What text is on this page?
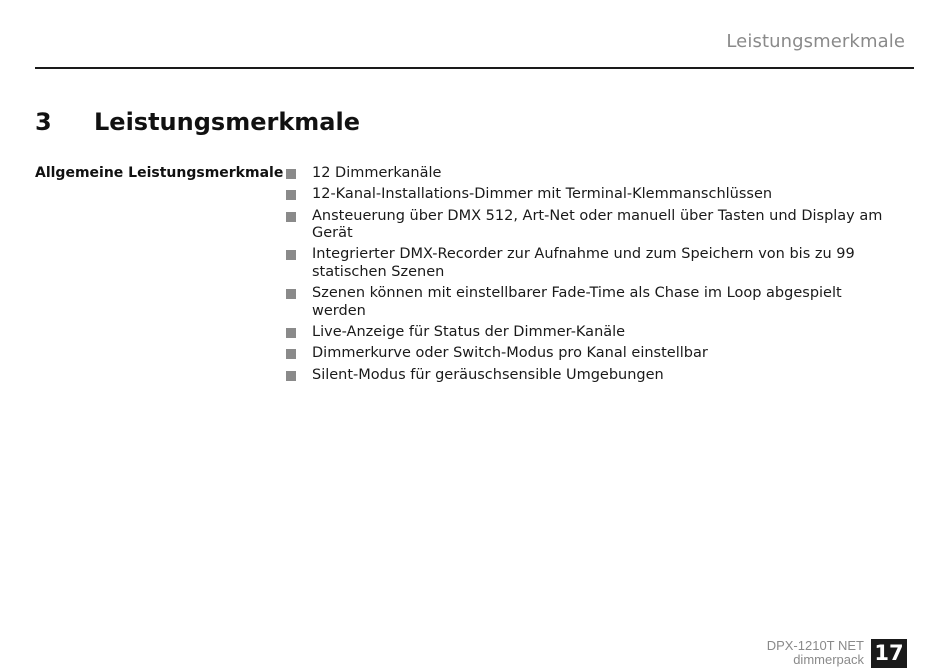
Leistungsmerkmale
3 Leistungsmerkmale
Allgemeine Leistungsmerkmale	12 Dimmerkanäle
12-Kanal-Installations-Dimmer mit Terminal-Klemmanschlüssen
Ansteuerung über DMX 512, Art-Net oder manuell über Tasten und Display am Gerät
Integrierter DMX-Recorder zur Aufnahme und zum Speichern von bis zu 99 statischen Szenen
Szenen können mit einstellbarer Fade-Time als Chase im Loop abgespielt werden
Live-Anzeige für Status der Dimmer-Kanäle
Dimmerkurve oder Switch-Modus pro Kanal einstellbar
Silent-Modus für geräuschsensible Umgebungen
DPX-1210T NET
dimmerpack 17
